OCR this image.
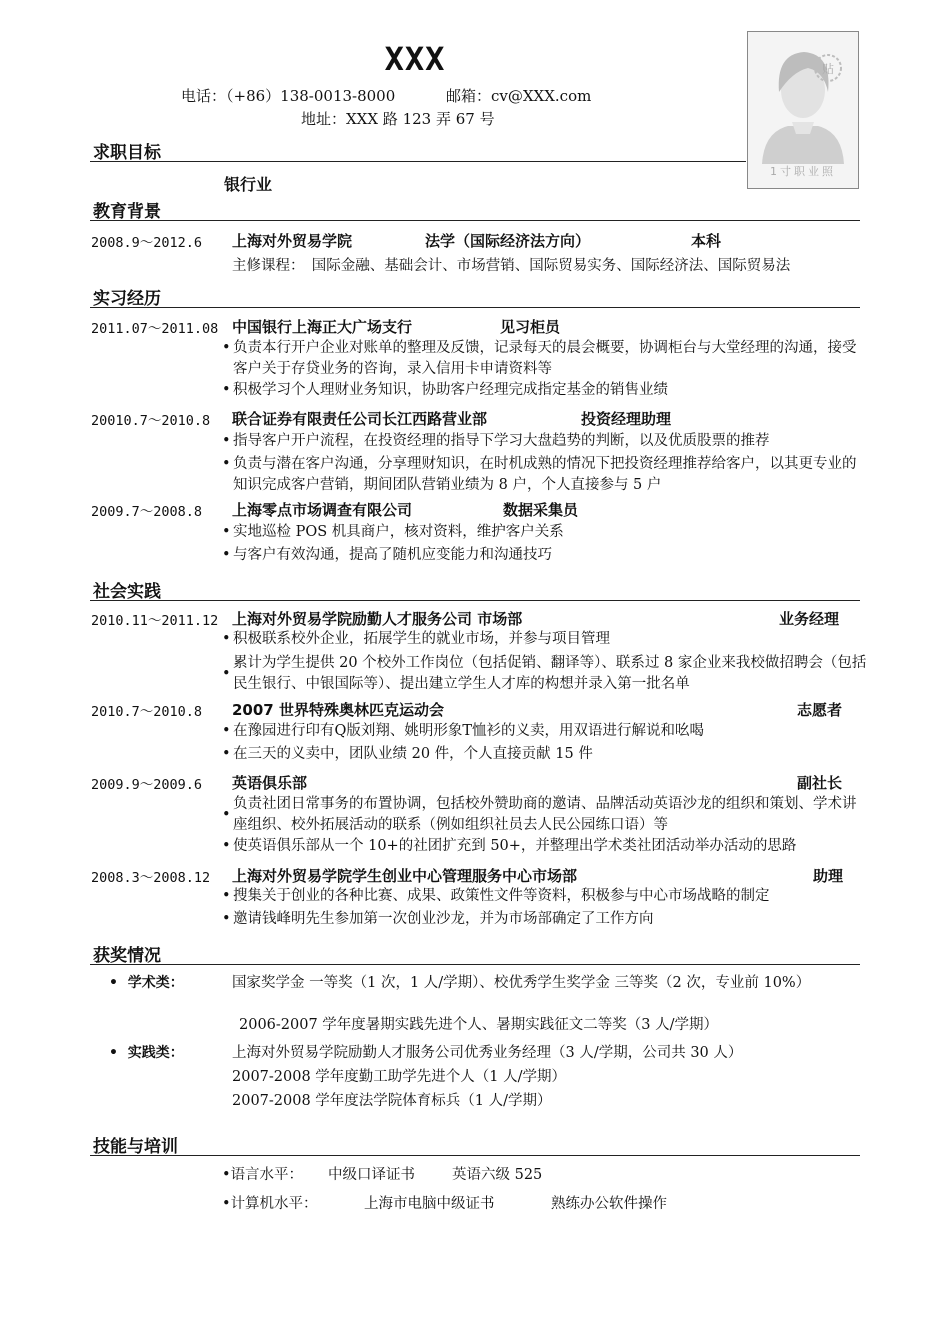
XXX
电话：（+86）138-0013-8000	邮箱：cv@XXX.com
地址：XXX 路 123 弄 67 号
贴
1寸职业照
求职目标
银行业
教育背景
2008.9～2012.6 上海对外贸易学院	法学（国际经济法方向）	本科
主修课程：　国际金融、基础会计、市场营销、国际贸易实务、国际经济法、国际贸易法
实习经历
2011.07～2011.08 中国银行上海正大广场支行	见习柜员
• 负责本行开户企业对账单的整理及反馈，记录每天的晨会概要，协调柜台与大堂经理的沟通，接受客户关于存贷业务的咨询，录入信用卡申请资料等
• 积极学习个人理财业务知识，协助客户经理完成指定基金的销售业绩
20010.7～2010.8 联合证券有限责任公司长江西路营业部	投资经理助理
• 指导客户开户流程，在投资经理的指导下学习大盘趋势的判断，以及优质股票的推荐
• 负责与潜在客户沟通，分享理财知识，在时机成熟的情况下把投资经理推荐给客户，以其更专业的知识完成客户营销，期间团队营销业绩为 8 户，个人直接参与 5 户
2009.7～2008.8 上海零点市场调查有限公司	数据采集员
• 实地巡检 POS 机具商户，核对资料，维护客户关系
• 与客户有效沟通，提高了随机应变能力和沟通技巧
社会实践
2010.11～2011.12 上海对外贸易学院励勤人才服务公司 市场部	业务经理
• 积极联系校外企业，拓展学生的就业市场，并参与项目管理
• 累计为学生提供 20 个校外工作岗位（包括促销、翻译等）、联系过 8 家企业来我校做招聘会（包括民生银行、中银国际等）、提出建立学生人才库的构想并录入第一批名单
2010.7～2010.8 2007 世界特殊奥林匹克运动会	志愿者
• 在豫园进行印有Q版刘翔、姚明形象T恤衫的义卖，用双语进行解说和吆喝
• 在三天的义卖中，团队业绩 20 件，个人直接贡献 15 件
2009.9～2009.6 英语俱乐部	副社长
• 负责社团日常事务的布置协调，包括校外赞助商的邀请、品牌活动英语沙龙的组织和策划、学术讲座组织、校外拓展活动的联系（例如组织社员去人民公园练口语）等
• 使英语俱乐部从一个 10+的社团扩充到 50+，并整理出学术类社团活动举办活动的思路
2008.3～2008.12 上海对外贸易学院学生创业中心管理服务中心市场部	助理
• 搜集关于创业的各种比赛、成果、政策性文件等资料，积极参与中心市场战略的制定
• 邀请钱峰明先生参加第一次创业沙龙，并为市场部确定了工作方向
获奖情况
•  学术类：	国家奖学金 一等奖（1 次，1 人/学期）、校优秀学生奖学金 三等奖（2 次，专业前 10%）
2006-2007 学年度暑期实践先进个人、暑期实践征文二等奖（3 人/学期）
•  实践类：	上海对外贸易学院励勤人才服务公司优秀业务经理（3 人/学期，公司共 30 人）
2007-2008 学年度勤工助学先进个人（1 人/学期）
2007-2008 学年度法学院体育标兵（1 人/学期）
技能与培训
•语言水平： 中级口译证书	英语六级 525
•计算机水平：	上海市电脑中级证书	熟练办公软件操作
